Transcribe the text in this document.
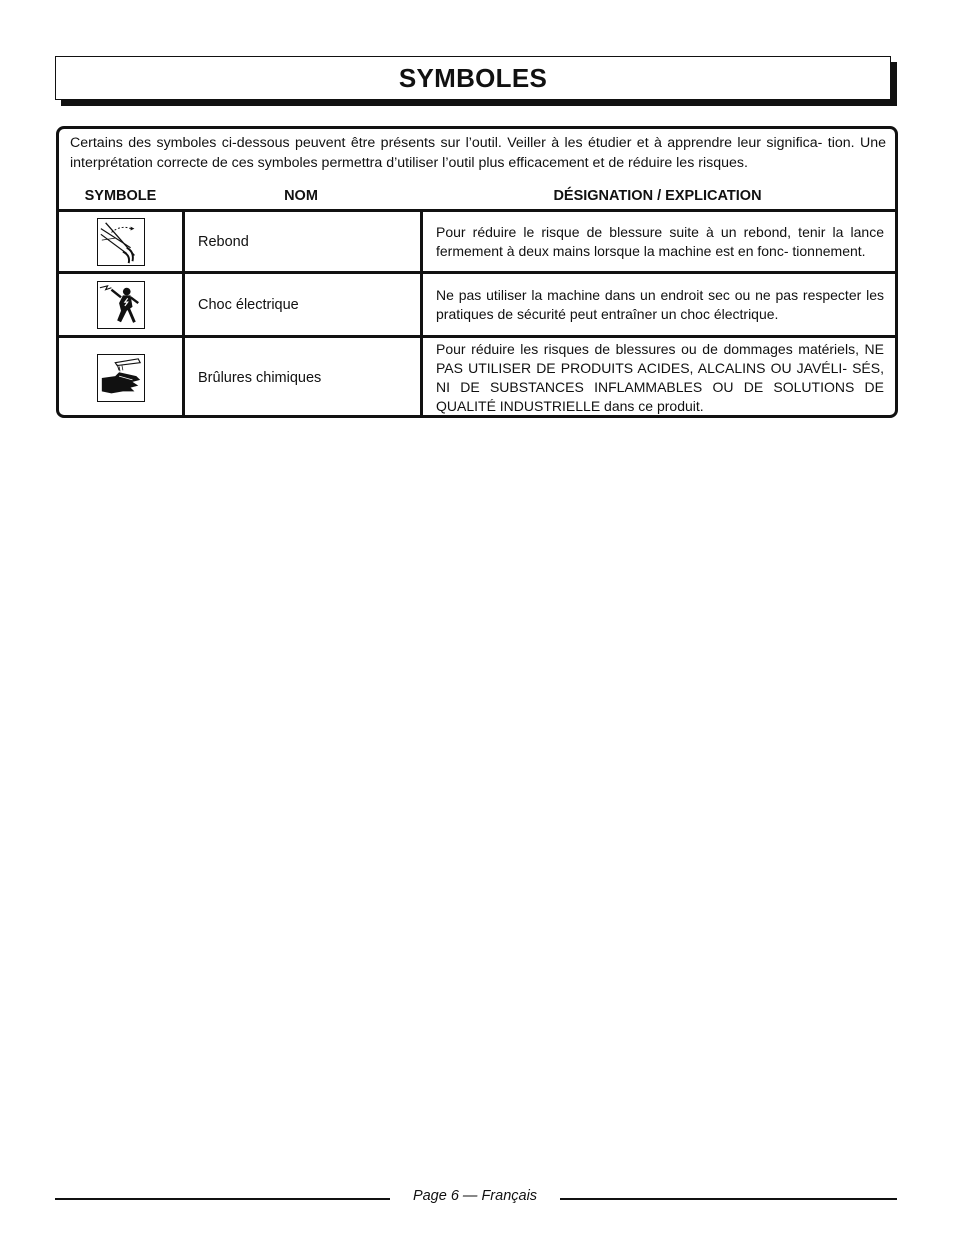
SYMBOLES

Certains des symboles ci-dessous peuvent être présents sur l’outil. Veiller à les étudier et à apprendre leur significa- tion. Une interprétation correcte de ces symboles permettra d’utiliser l’outil plus efficacement et de réduire les risques.

SYMBOLE	NOM	DÉSIGNATION / EXPLICATION
	Rebond	Pour réduire le risque de blessure suite à un rebond, tenir la lance fermement à deux mains lorsque la machine est en fonc- tionnement.

	Choc électrique	Ne pas utiliser la machine dans un endroit sec ou ne pas respecter les pratiques de sécurité peut entraîner un choc électrique.

	Brûlures chimiques	Pour réduire les risques de blessures ou de dommages matériels, NE PAS UTILISER DE PRODUITS ACIDES, ALCALINS OU JAVÉLI- SÉS, NI DE SUBSTANCES INFLAMMABLES OU DE SOLUTIONS DE QUALITÉ INDUSTRIELLE dans ce produit.
Page 6 — Français
